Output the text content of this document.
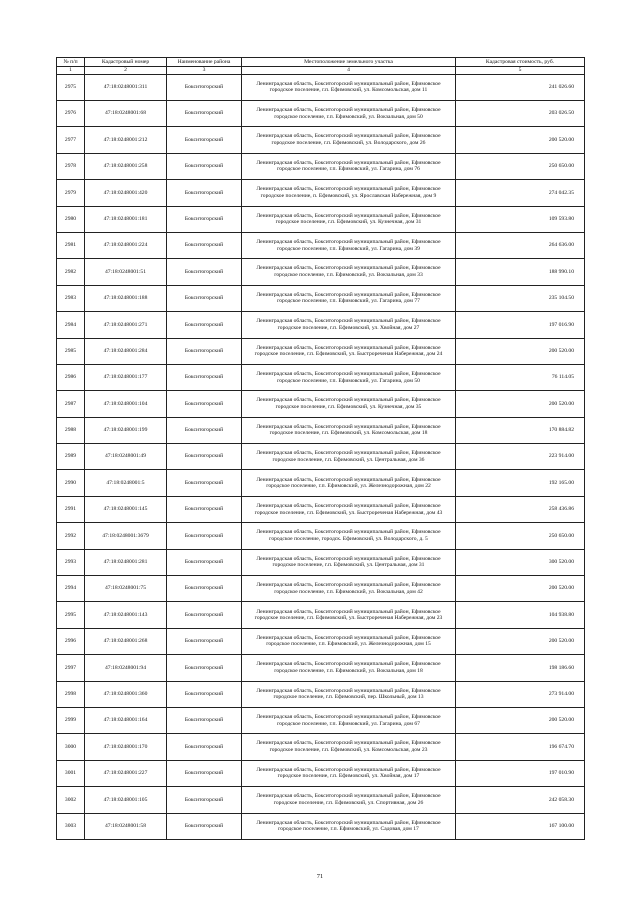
№ п/п	Кадастровый номер	Наименование района	Местоположение земельного участка	Кадастровая стоимость, руб.
1	2	3	4	5
2975	47:18:0248001:311	Бокситогорский	Ленинградская область, Бокситогорский муниципальный район, Ефимовское городское поселение, г.п. Ефимовский, ул. Комсомольская, дом 11	241 026.60
2976	47:18:0248001:68	Бокситогорский	Ленинградская область, Бокситогорский муниципальный район, Ефимовское городское поселение, г.п. Ефимовский, ул. Вокзальная, дом 50	203 026.50
2977	47:18:0248001:212	Бокситогорский	Ленинградская область, Бокситогорский муниципальный район, Ефимовское городское поселение, г.п. Ефимовский, ул. Володарского, дом 26	200 520.00
2978	47:18:0248001:258	Бокситогорский	Ленинградская область, Бокситогорский муниципальный район, Ефимовское городское поселение, г.п. Ефимовский, ул. Гагарина, дом 76	250 650.00
2979	47:18:0248001:420	Бокситогорский	Ленинградская область, Бокситогорский муниципальный район, Ефимовское городское поселение, п. Ефимовский, ул. Ярославская Набережная, дом 9	274 042.35
2980	47:18:0248001:181	Бокситогорский	Ленинградская область, Бокситогорский муниципальный район, Ефимовское городское поселение, г.п. Ефимовский, ул. Кузнечная, дом 31	109 593.80
2981	47:18:0248001:224	Бокситогорский	Ленинградская область, Бокситогорский муниципальный район, Ефимовское городское поселение, г.п. Ефимовский, ул. Гагарина, дом 39	264 636.00
2982	47:18:0248001:51	Бокситогорский	Ленинградская область, Бокситогорский муниципальный район, Ефимовское городское поселение, г.п. Ефимовский, ул. Вокзальная, дом 33	188 990.10
2983	47:18:0248001:188	Бокситогорский	Ленинградская область, Бокситогорский муниципальный район, Ефимовское городское поселение, г.п. Ефимовский, ул. Гагарина, дом 77	235 104.50
2984	47:18:0248001:271	Бокситогорский	Ленинградская область, Бокситогорский муниципальный район, Ефимовское городское поселение, г.п. Ефимовский, ул. Хвойная, дом 27	197 016.90
2985	47:18:0248001:284	Бокситогорский	Ленинградская область, Бокситогорский муниципальный район, Ефимовское городское поселение, г.п. Ефимовский, ул. Быстрореченая Набережная, дом 24	200 520.00
2986	47:18:0248001:177	Бокситогорский	Ленинградская область, Бокситогорский муниципальный район, Ефимовское городское поселение, г.п. Ефимовский, ул. Гагарина, дом 50	76 114.05
2987	47:18:0248001:104	Бокситогорский	Ленинградская область, Бокситогорский муниципальный район, Ефимовское городское поселение, г.п. Ефимовский, ул. Кузнечная, дом 35	200 520.00
2988	47:18:0248001:199	Бокситогорский	Ленинградская область, Бокситогорский муниципальный район, Ефимовское городское поселение, г.п. Ефимовский, ул. Комсомольская, дом 18	170 884.82
2989	47:18:0248001:49	Бокситогорский	Ленинградская область, Бокситогорский муниципальный район, Ефимовское городское поселение, г.п. Ефимовский, ул. Центральная, дом 36	223 914.00
2990	47:18:0248001:5	Бокситогорский	Ленинградская область, Бокситогорский муниципальный район, Ефимовское городское поселение, г.п. Ефимовский, ул. Железнодорожная, дом 22	192 165.00
2991	47:18:0248001:145	Бокситогорский	Ленинградская область, Бокситогорский муниципальный район, Ефимовское городское поселение, г.п. Ефимовский, ул. Быстрореченая Набережная, дом 43	258 436.86
2992	47:18:0248001:3679	Бокситогорский	Ленинградская область, Бокситогорский муниципальный район, Ефимовское городское поселение, городск. Ефимовский, ул. Володарского, д. 5	250 650.00
2993	47:18:0248001:281	Бокситогорский	Ленинградская область, Бокситогорский муниципальный район, Ефимовское городское поселение, г.п. Ефимовский, ул. Центральная, дом 31	300 520.00
2994	47:18:0248001:75	Бокситогорский	Ленинградская область, Бокситогорский муниципальный район, Ефимовское городское поселение, г.п. Ефимовский, ул. Вокзальная, дом 42	200 520.00
2995	47:18:0248001:143	Бокситогорский	Ленинградская область, Бокситогорский муниципальный район, Ефимовское городское поселение, г.п. Ефимовский, ул. Быстрореченая Набережная, дом 23	104 938.80
2996	47:18:0248001:268	Бокситогорский	Ленинградская область, Бокситогорский муниципальный район, Ефимовское городское поселение, г.п. Ефимовский, ул. Железнодорожная, дом 15	200 520.00
2997	47:18:0248001:94	Бокситогорский	Ленинградская область, Бокситогорский муниципальный район, Ефимовское городское поселение, г.п. Ефимовский, ул. Вокзальная, дом 18	198 186.60
2998	47:18:0248001:360	Бокситогорский	Ленинградская область, Бокситогорский муниципальный район, Ефимовское городское поселение, г.п. Ефимовский, пер. Школьный, дом 13	273 914.00
2999	47:18:0248001:164	Бокситогорский	Ленинградская область, Бокситогорский муниципальный район, Ефимовское городское поселение, г.п. Ефимовский, ул. Гагарина, дом 67	200 520.00
3000	47:18:0248001:170	Бокситогорский	Ленинградская область, Бокситогорский муниципальный район, Ефимовское городское поселение, г.п. Ефимовский, ул. Комсомольская, дом 23	196 674.70
3001	47:18:0248001:227	Бокситогорский	Ленинградская область, Бокситогорский муниципальный район, Ефимовское городское поселение, г.п. Ефимовский, ул. Хвойная, дом 17	197 010.90
3002	47:18:0248001:105	Бокситогорский	Ленинградская область, Бокситогорский муниципальный район, Ефимовское городское поселение, г.п. Ефимовский, ул. Спортивная, дом 26	242 058.30
3003	47:18:0248001:58	Бокситогорский	Ленинградская область, Бокситогорский муниципальный район, Ефимовское городское поселение, г.п. Ефимовский, ул. Садовая, дом 17	167 100.00
71
